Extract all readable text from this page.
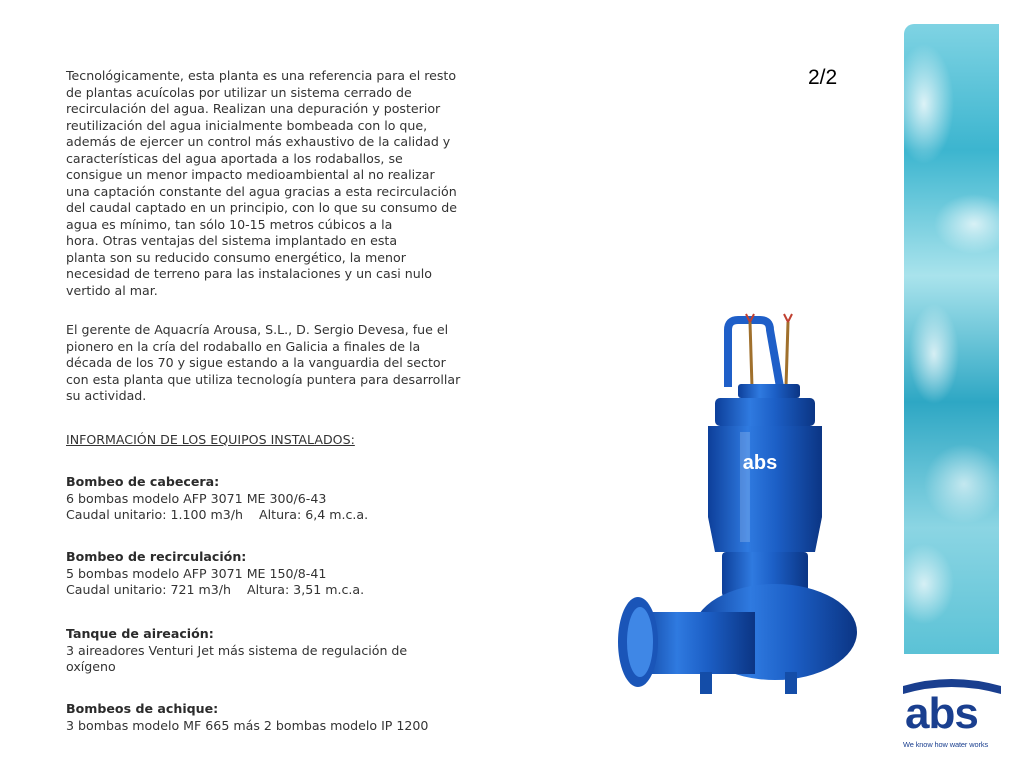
2/2

Tecnológicamente, esta planta es una referencia para el resto
de plantas acuícolas por utilizar un sistema cerrado de
recirculación del agua. Realizan una depuración y posterior
reutilización del agua inicialmente bombeada con lo que,
además de ejercer un control más exhaustivo de la calidad y
características del agua aportada a los rodaballos, se
consigue un menor impacto medioambiental al no realizar
una captación constante del agua gracias a esta recirculación
del caudal captado en un principio, con lo que su consumo de
agua es mínimo, tan sólo 10-15 metros cúbicos a la
hora. Otras ventajas del sistema implantado en esta
planta son su reducido consumo energético, la menor
necesidad de terreno para las instalaciones y un casi nulo
vertido al mar.

El gerente de Aquacría Arousa, S.L., D. Sergio Devesa, fue el
pionero en la cría del rodaballo en Galicia a finales de la
década de los 70 y sigue estando a la vanguardia del sector
con esta planta que utiliza tecnología puntera para desarrollar
su actividad.

INFORMACIÓN DE LOS EQUIPOS INSTALADOS:
Bombeo de cabecera:
6 bombas modelo AFP 3071 ME 300/6-43
Caudal unitario: 1.100 m3/h    Altura: 6,4 m.c.a.
Bombeo de recirculación:
5 bombas modelo AFP 3071 ME 150/8-41
Caudal unitario: 721 m3/h    Altura: 3,51 m.c.a.
Tanque de aireación:
3 aireadores Venturi Jet más sistema de regulación de
oxígeno
Bombeos de achique:
3 bombas modelo MF 665 más 2 bombas modelo IP 1200
abs
abs
We know how water works
